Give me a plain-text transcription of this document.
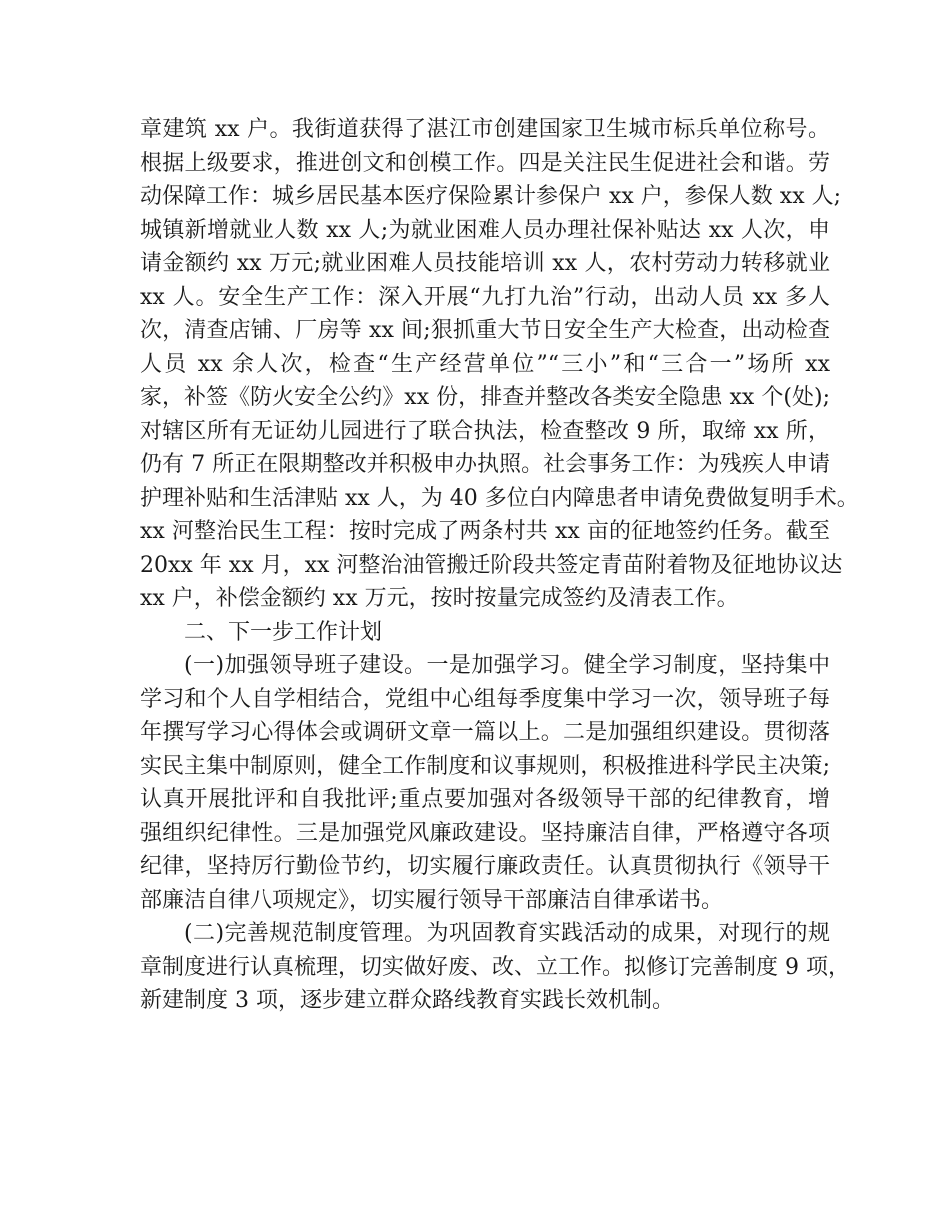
章建筑 xx 户。我街道获得了湛江市创建国家卫生城市标兵单位称号。
根据上级要求，推进创文和创模工作。四是关注民生促进社会和谐。劳
动保障工作：城乡居民基本医疗保险累计参保户 xx 户，参保人数 xx 人;
城镇新增就业人数 xx 人;为就业困难人员办理社保补贴达 xx 人次，申
请金额约 xx 万元;就业困难人员技能培训 xx 人，农村劳动力转移就业
xx 人。安全生产工作：深入开展“九打九治”行动，出动人员 xx 多人
次，清查店铺、厂房等 xx 间;狠抓重大节日安全生产大检查，出动检查
人员 xx 余人次，检查“生产经营单位”“三小”和“三合一”场所 xx
家，补签《防火安全公约》xx 份，排查并整改各类安全隐患 xx 个(处);
对辖区所有无证幼儿园进行了联合执法，检查整改 9 所，取缔 xx 所，
仍有 7 所正在限期整改并积极申办执照。社会事务工作：为残疾人申请
护理补贴和生活津贴 xx 人，为 40 多位白内障患者申请免费做复明手术。
xx 河整治民生工程：按时完成了两条村共 xx 亩的征地签约任务。截至
20xx 年 xx 月，xx 河整治油管搬迁阶段共签定青苗附着物及征地协议达
xx 户，补偿金额约 xx 万元，按时按量完成签约及清表工作。
二、下一步工作计划
(一)加强领导班子建设。一是加强学习。健全学习制度，坚持集中
学习和个人自学相结合，党组中心组每季度集中学习一次，领导班子每
年撰写学习心得体会或调研文章一篇以上。二是加强组织建设。贯彻落
实民主集中制原则，健全工作制度和议事规则，积极推进科学民主决策;
认真开展批评和自我批评;重点要加强对各级领导干部的纪律教育，增
强组织纪律性。三是加强党风廉政建设。坚持廉洁自律，严格遵守各项
纪律，坚持厉行勤俭节约，切实履行廉政责任。认真贯彻执行《领导干
部廉洁自律八项规定》，切实履行领导干部廉洁自律承诺书。
(二)完善规范制度管理。为巩固教育实践活动的成果，对现行的规
章制度进行认真梳理，切实做好废、改、立工作。拟修订完善制度 9 项，
新建制度 3 项，逐步建立群众路线教育实践长效机制。
